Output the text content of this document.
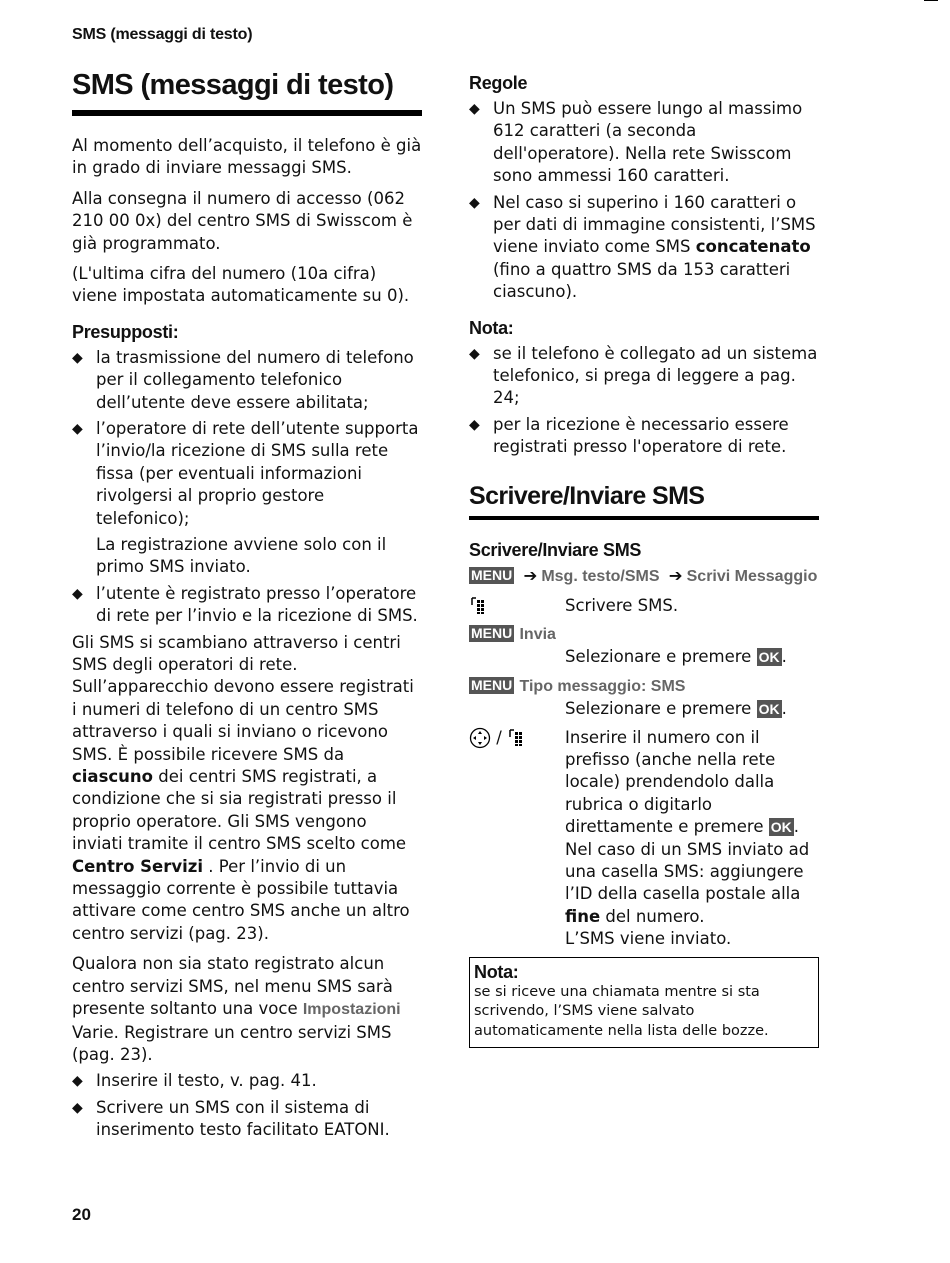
SMS (messaggi di testo)
SMS (messaggi di testo)

Al momento dell’acquisto, il telefono è già in grado di inviare messaggi SMS.

Alla consegna il numero di accesso (062 210 00 0x) del centro SMS di Swisscom è già programmato.

(L'ultima cifra del numero (10a cifra) viene impostata automaticamente su 0).

Presupposti:
◆ la trasmissione del numero di telefono per il collegamento telefonico dell’utente deve essere abilitata;
◆ l’operatore di rete dell’utente supporta l’invio/la ricezione di SMS sulla rete fissa (per eventuali informazioni rivolgersi al proprio gestore telefonico);
La registrazione avviene solo con il primo SMS inviato.
◆ l’utente è registrato presso l’operatore di rete per l’invio e la ricezione di SMS.

Gli SMS si scambiano attraverso i centri SMS degli operatori di rete. Sull’apparecchio devono essere registrati i numeri di telefono di un centro SMS attraverso i quali si inviano o ricevono SMS. È possibile ricevere SMS da ciascuno dei centri SMS registrati, a condizione che si sia registrati presso il proprio operatore. Gli SMS vengono inviati tramite il centro SMS scelto come Centro Servizi . Per l’invio di un messaggio corrente è possibile tuttavia attivare come centro SMS anche un altro centro servizi (pag. 23).

Qualora non sia stato registrato alcun centro servizi SMS, nel menu SMS sarà presente soltanto una voce Impostazioni Varie. Registrare un centro servizi SMS (pag. 23).

◆ Inserire il testo, v. pag. 41.
◆ Scrivere un SMS con il sistema di inserimento testo facilitato EATONI.
Regole
◆ Un SMS può essere lungo al massimo 612 caratteri (a seconda dell'operatore). Nella rete Swisscom sono ammessi 160 caratteri.
◆ Nel caso si superino i 160 caratteri o per dati di immagine consistenti, l’SMS viene inviato come SMS concatenato (fino a quattro SMS da 153 caratteri ciascuno).
Nota:
◆ se il telefono è collegato ad un sistema telefonico, si prega di leggere a pag. 24;
◆ per la ricezione è necessario essere registrati presso l'operatore di rete.
Scrivere/Inviare SMS
Scrivere/Inviare SMS

MENU ➔ Msg. testo/SMS ➔ Scrivi Messaggio

Scrivere SMS.

MENU Invia

Selezionare e premere OK .

MENU Tipo messaggio: SMS

Selezionare e premere OK .
/	Inserire il numero con il prefisso (anche nella rete locale) prendendolo dalla rubrica o digitarlo direttamente e premere OK .
Nel caso di un SMS inviato ad una casella SMS: aggiungere l’ID della casella postale alla fine del numero.
L’SMS viene inviato.
Nota:

se si riceve una chiamata mentre si sta scrivendo, l’SMS viene salvato automaticamente nella lista delle bozze.

20
